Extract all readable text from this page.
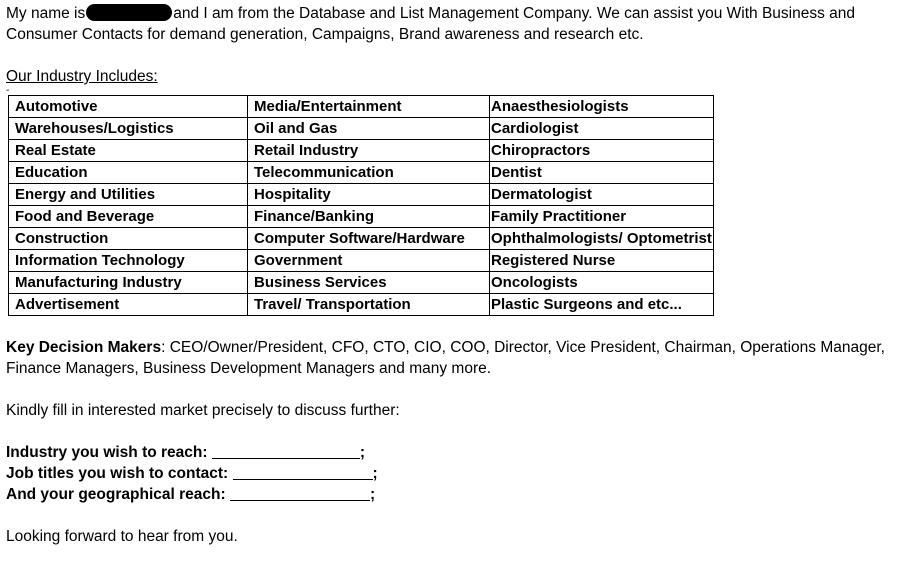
My name is	and I am from the Database and List Management Company. We can assist you With Business and Consumer Contacts for demand generation, Campaigns, Brand awareness and research etc.

Our Industry Includes:

-
Automotive	Media/Entertainment	Anaesthesiologists
Warehouses/Logistics	Oil and Gas	Cardiologist
Real Estate	Retail Industry	Chiropractors
Education	Telecommunication	Dentist
Energy and Utilities	Hospitality	Dermatologist
Food and Beverage	Finance/Banking	Family Practitioner
Construction	Computer Software/Hardware	Ophthalmologists/ Optometrist
Information Technology	Government	Registered Nurse
Manufacturing Industry	Business Services	Oncologists
Advertisement	Travel/ Transportation	Plastic Surgeons and etc...

Key Decision Makers: CEO/Owner/President, CFO, CTO, CIO, COO, Director, Vice President, Chairman, Operations Manager, Finance Managers, Business Development Managers and many more.

Kindly fill in interested market precisely to discuss further:

Industry you wish to reach:	;

Job titles you wish to contact:	;

And your geographical reach:	;

Looking forward to hear from you.
